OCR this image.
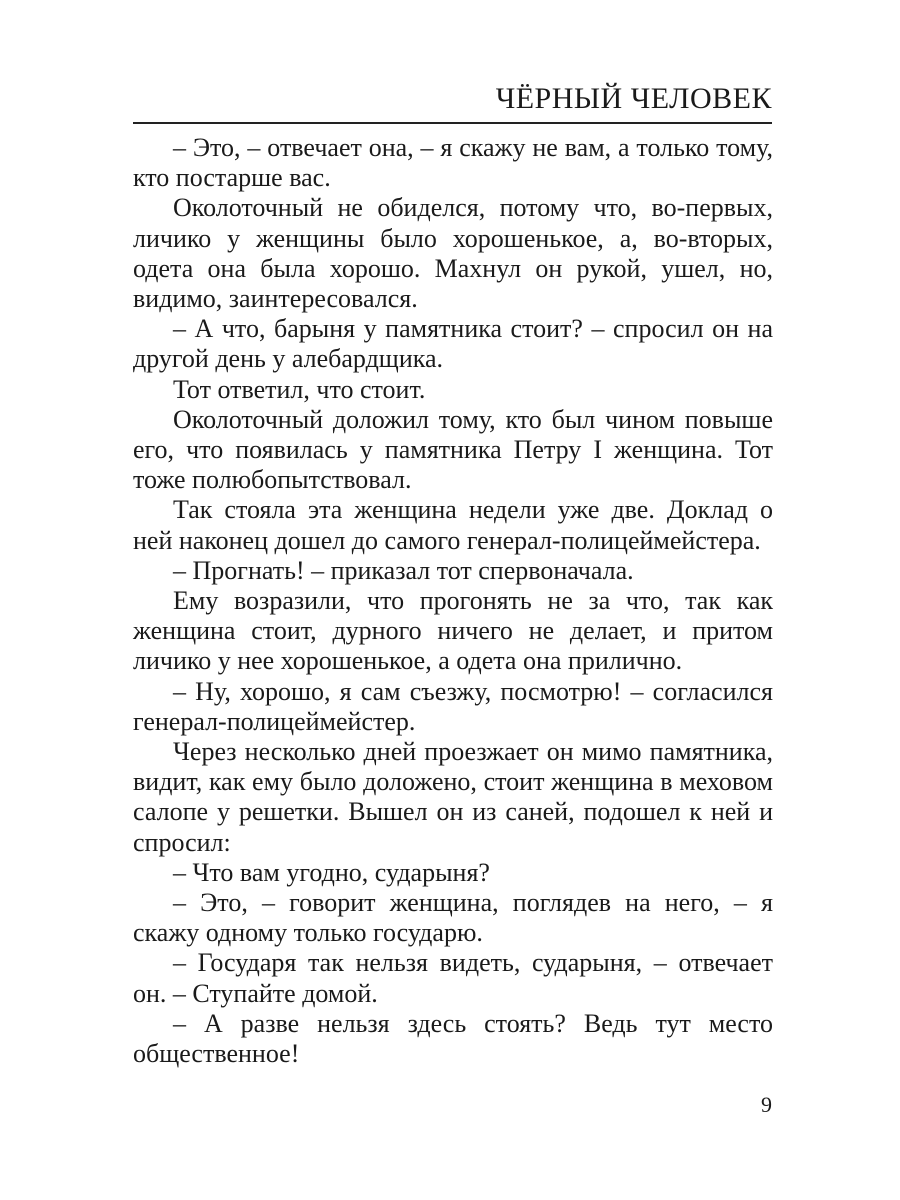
ЧЁРНЫЙ ЧЕЛОВЕК

– Это, – отвечает она, – я скажу не вам, а только тому, кто постарше вас.

Околоточный не обиделся, потому что, во-первых, личико у женщины было хорошенькое, а, во-вторых, одета она была хорошо. Махнул он рукой, ушел, но, видимо, заинтересовался.

– А что, барыня у памятника стоит? – спросил он на другой день у алебардщика.

Тот ответил, что стоит.

Околоточный доложил тому, кто был чином повыше его, что появилась у памятника Петру I женщина. Тот тоже полюбопытствовал.

Так стояла эта женщина недели уже две. Доклад о ней наконец дошел до самого генерал-полицеймейстера.

– Прогнать! – приказал тот спервоначала.

Ему возразили, что прогонять не за что, так как женщина стоит, дурного ничего не делает, и притом личико у нее хорошенькое, а одета она прилично.

– Ну, хорошо, я сам съезжу, посмотрю! – согласился генерал-полицеймейстер.

Через несколько дней проезжает он мимо памятника, видит, как ему было доложено, стоит женщина в меховом салопе у решетки. Вышел он из саней, подошел к ней и спросил:

– Что вам угодно, сударыня?

– Это, – говорит женщина, поглядев на него, – я скажу одному только государю.

– Государя так нельзя видеть, сударыня, – отвечает он. – Ступайте домой.

– А разве нельзя здесь стоять? Ведь тут место общественное!

9
